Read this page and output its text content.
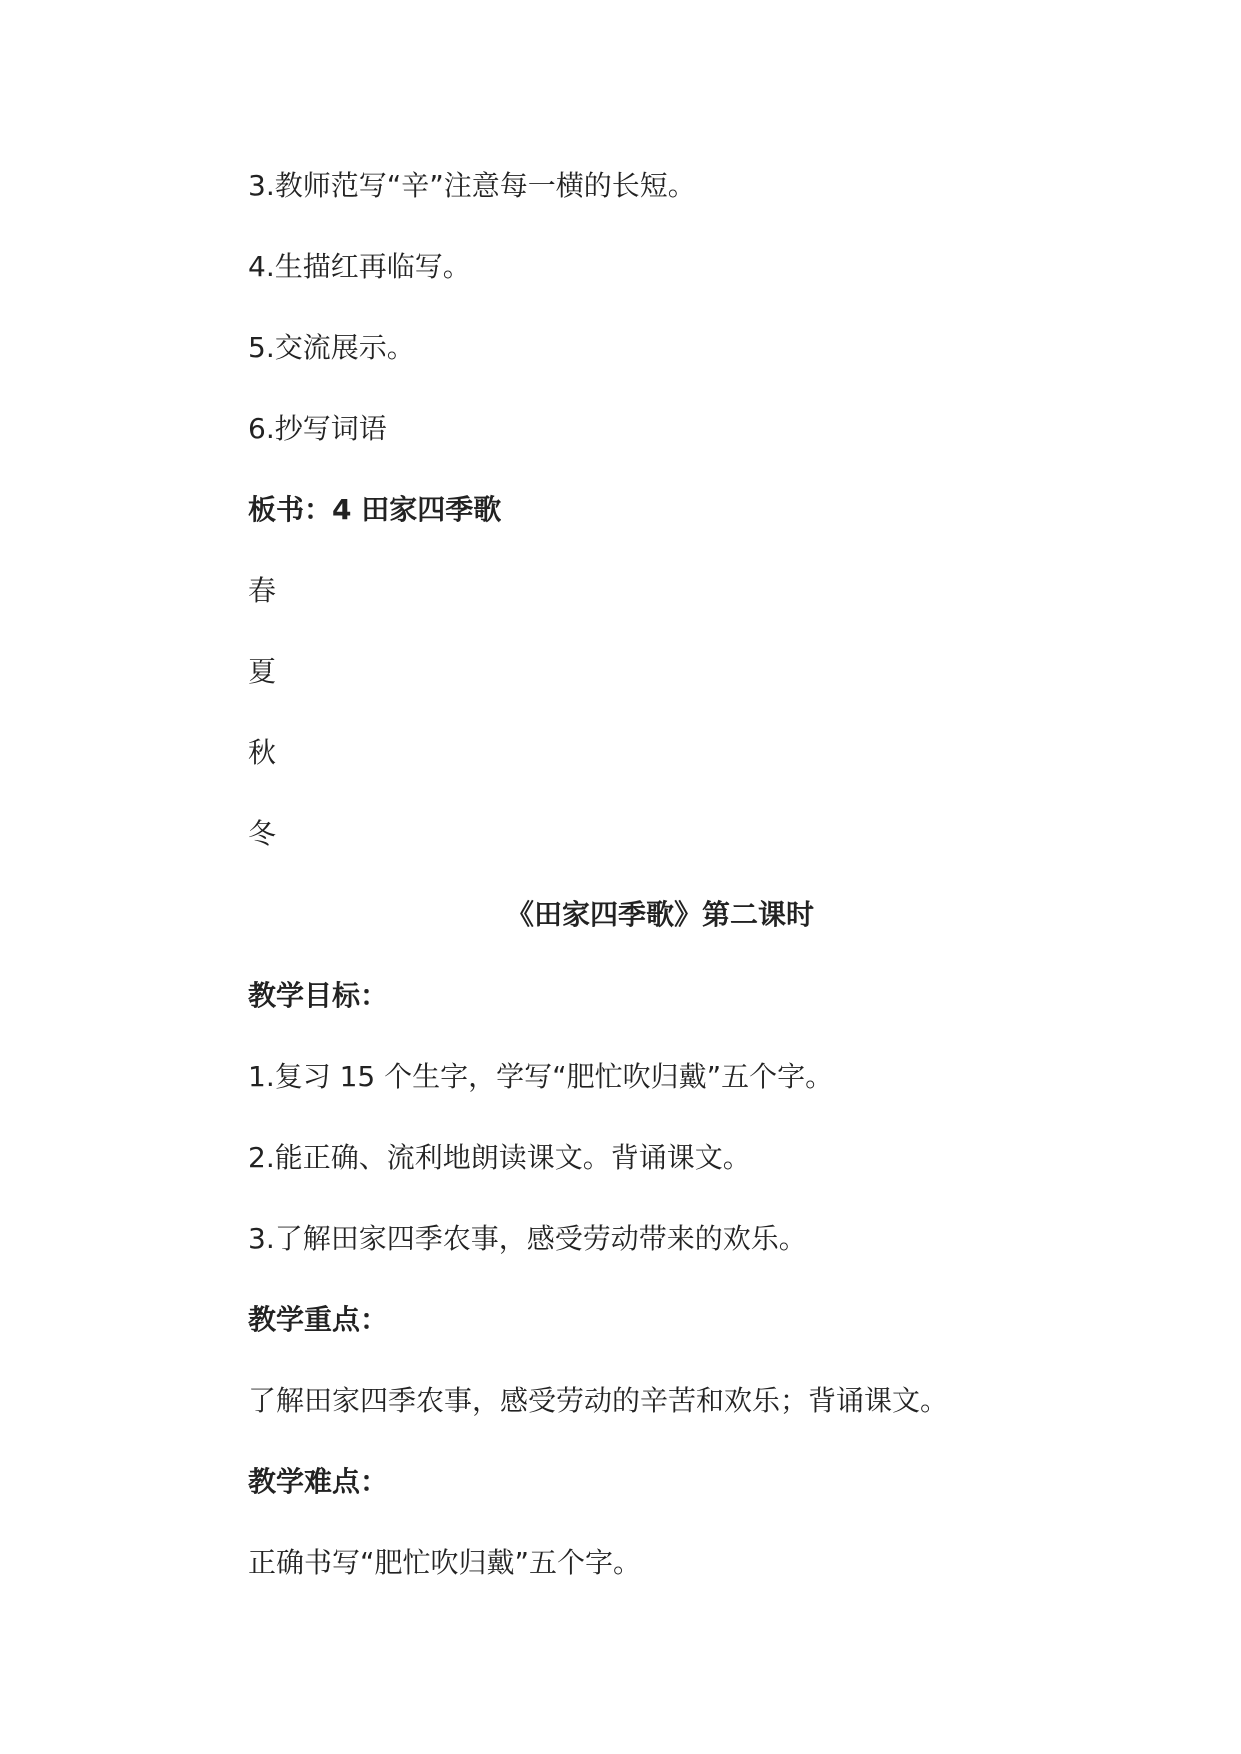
3.教师范写“辛”注意每一横的长短。
4.生描红再临写。
5.交流展示。
6.抄写词语
板书：4 田家四季歌
春
夏
秋
冬
《田家四季歌》第二课时
教学目标：
1.复习 15 个生字，学写“肥忙吹归戴”五个字。
2.能正确、流利地朗读课文。背诵课文。
3.了解田家四季农事，感受劳动带来的欢乐。
教学重点：
了解田家四季农事，感受劳动的辛苦和欢乐；背诵课文。
教学难点：
正确书写“肥忙吹归戴”五个字。
